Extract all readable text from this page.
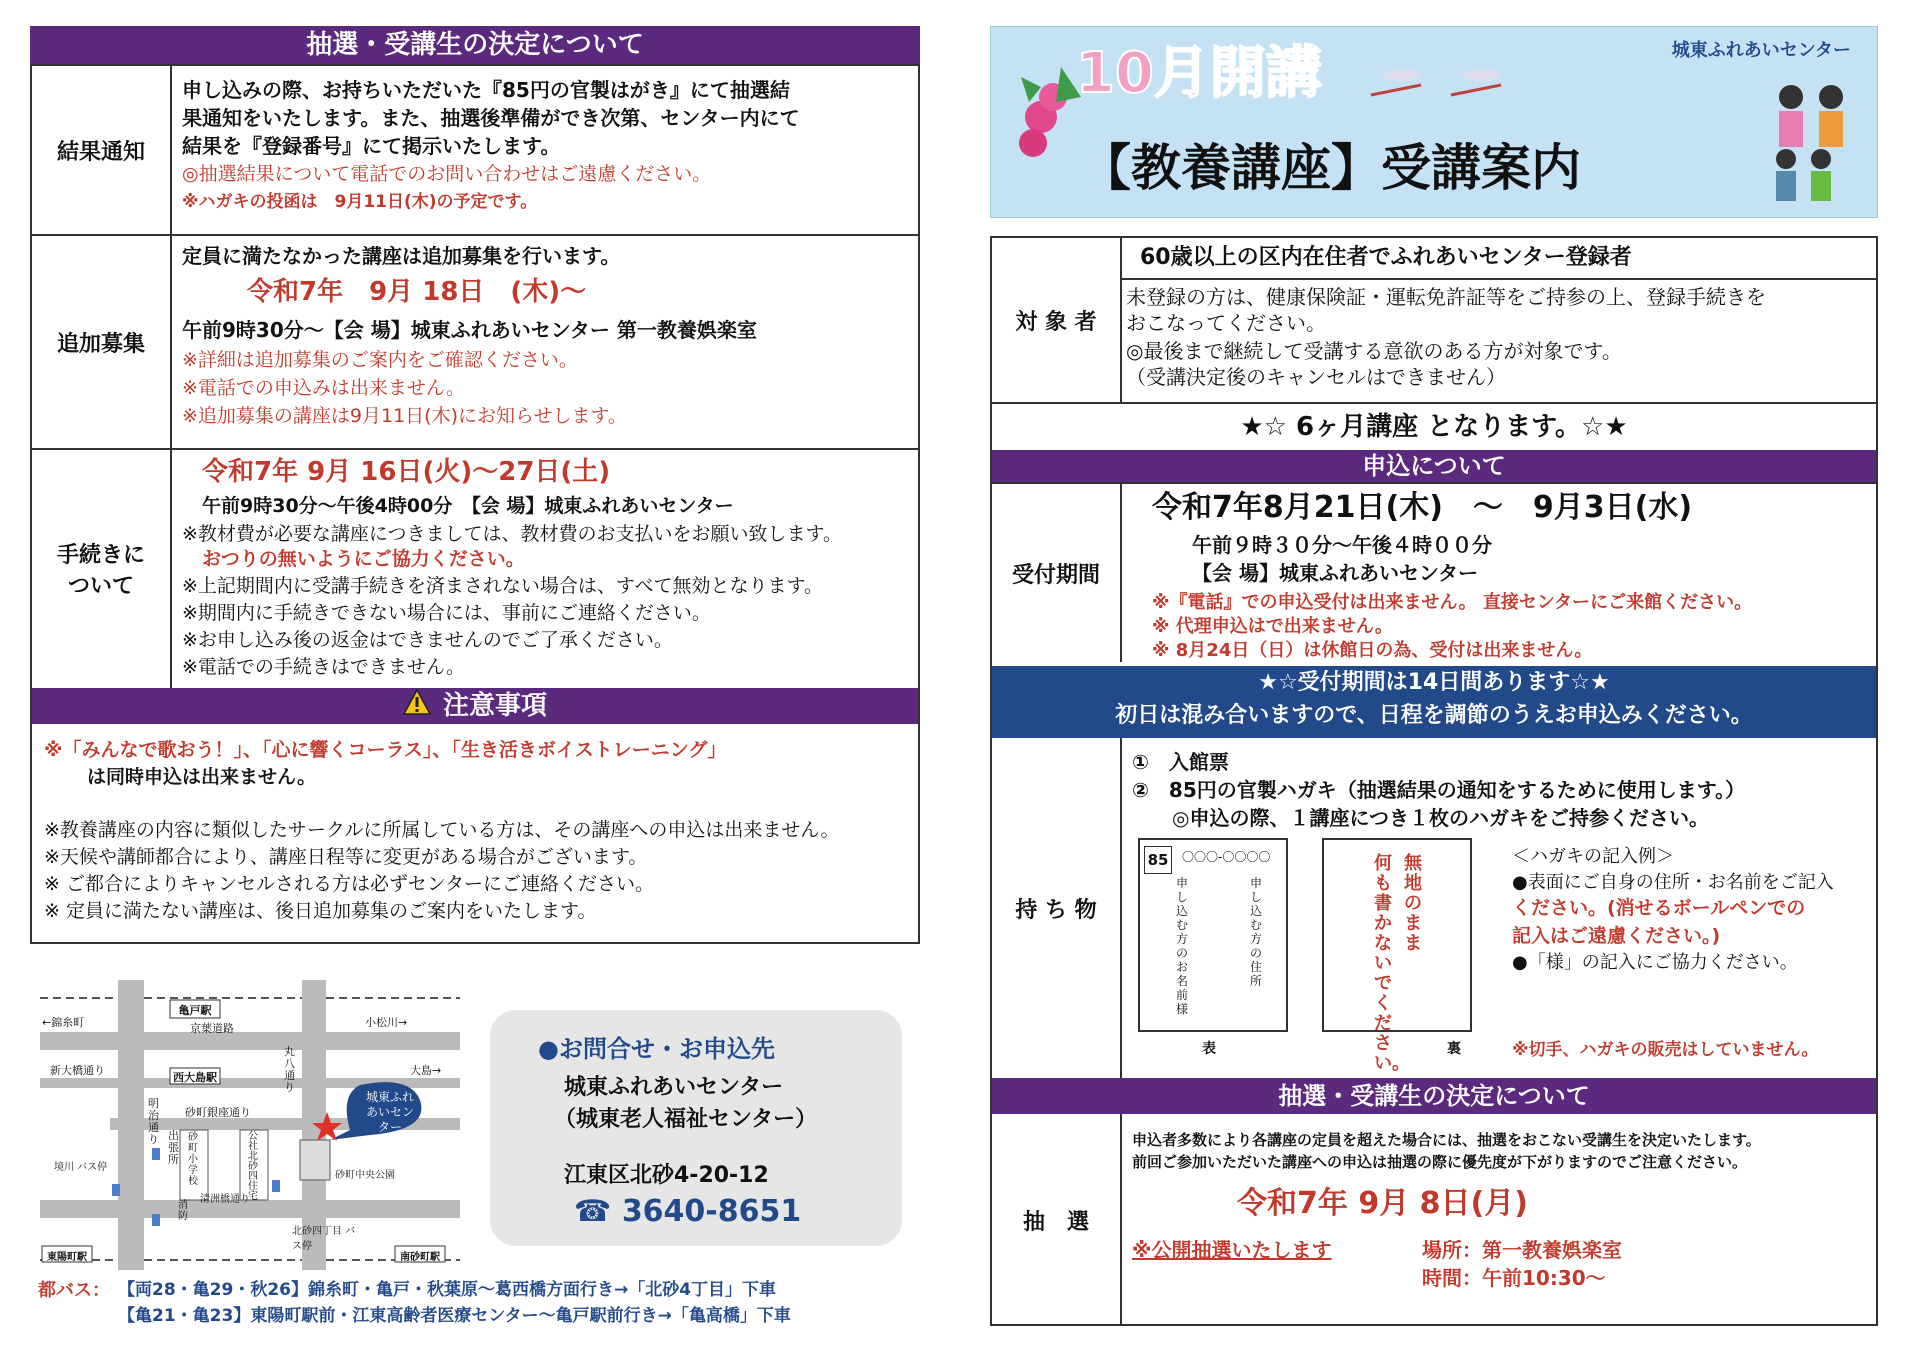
抽選・受講生の決定について
結果通知
申し込みの際、お持ちいただいた『85円の官製はがき』にて抽選結
果通知をいたします。また、抽選後準備ができ次第、センター内にて
結果を『登録番号』にて掲示いたします。
◎抽選結果について電話でのお問い合わせはご遠慮ください。
※ハガキの投函は　9月11日(木)の予定です。
追加募集
定員に満たなかった講座は追加募集を行います。
令和7年　9月 18日　(木)～
午前9時30分～【会 場】城東ふれあいセンター 第一教養娯楽室
※詳細は追加募集のご案内をご確認ください。
※電話での申込みは出来ません。
※追加募集の講座は9月11日(木)にお知らせします。
手続きに
ついて
令和7年 9月 16日(火)～27日(土)
午前9時30分～午後4時00分　【会 場】城東ふれあいセンター
※教材費が必要な講座につきましては、教材費のお支払いをお願い致します。
おつりの無いようにご協力ください。
※上記期間内に受講手続きを済まされない場合は、すべて無効となります。
※期間内に手続きできない場合には、事前にご連絡ください。
※お申し込み後の返金はできませんのでご了承ください。
※電話での手続きはできません。
注意事項
※「みんなで歌おう！」、「心に響くコーラス」、「生き活きボイストレーニング」
は同時申込は出来ません。
※教養講座の内容に類似したサークルに所属している方は、その講座への申込は出来ません。
※天候や講師都合により、講座日程等に変更がある場合がございます。
※ ご都合によりキャンセルされる方は必ずセンターにご連絡ください。
※ 定員に満たない講座は、後日追加募集のご案内をいたします。
亀戸駅
←錦糸町	京葉道路	小松川→
新大橋通り
西大島駅
大島→
砂町銀座通り
明治通り
丸八通り
城東ふれあいセンター
出張所
砂町小学校
公社北砂四住宅
消防
境川 バス停
清洲橋通り
砂町中央公園
北砂四丁目 バス停
東陽町駅	南砂町駅
●お問合せ・お申込先
城東ふれあいセンター
（城東老人福祉センター）
江東区北砂4-20-12
☎ 3640-8651
都バス： 【両28・亀29・秋26】錦糸町・亀戸・秋葉原～葛西橋方面行き→「北砂4丁目」下車
【亀21・亀23】東陽町駅前・江東高齢者医療センター～亀戸駅前行き→「亀高橋」下車
10月開講	城東ふれあいセンター
【教養講座】受講案内
対 象 者
60歳以上の区内在住者でふれあいセンター登録者
未登録の方は、健康保険証・運転免許証等をご持参の上、登録手続きを
おこなってください。
◎最後まで継続して受講する意欲のある方が対象です。
（受講決定後のキャンセルはできません）
★☆ 6ヶ月講座 となります。☆★
申込について
受付期間
令和7年8月21日(木)　～　9月3日(水)
午前９時３０分～午後４時００分
【会 場】城東ふれあいセンター
※『電話』での申込受付は出来ません。 直接センターにご来館ください。
※ 代理申込はで出来ません。
※ 8月24日（日）は休館日の為、受付は出来ません。
★☆受付期間は14日間あります☆★
初日は混み合いますので、日程を調節のうえお申込みください。
持 ち 物
①　入館票
②　85円の官製ハガキ（抽選結果の通知をするために使用します。）
◎申込の際、１講座につき１枚のハガキをご持参ください。
85 〇〇〇-〇〇〇〇
申し込む方の住所
申し込む方のお名前　様
表
無地のまま
何も書かないでください。
裏
＜ハガキの記入例＞
●表面にご自身の住所・お名前をご記入
ください。(消せるボールペンでの
記入はご遠慮ください。)
●「様」の記入にご協力ください。
※切手、ハガキの販売はしていません。
抽選・受講生の決定について
抽　選
申込者多数により各講座の定員を超えた場合には、抽選をおこない受講生を決定いたします。
前回ご参加いただいた講座への申込は抽選の際に優先度が下がりますのでご注意ください。
令和7年 9月 8日(月)
※公開抽選いたします	場所：第一教養娯楽室
時間：午前10:30～
